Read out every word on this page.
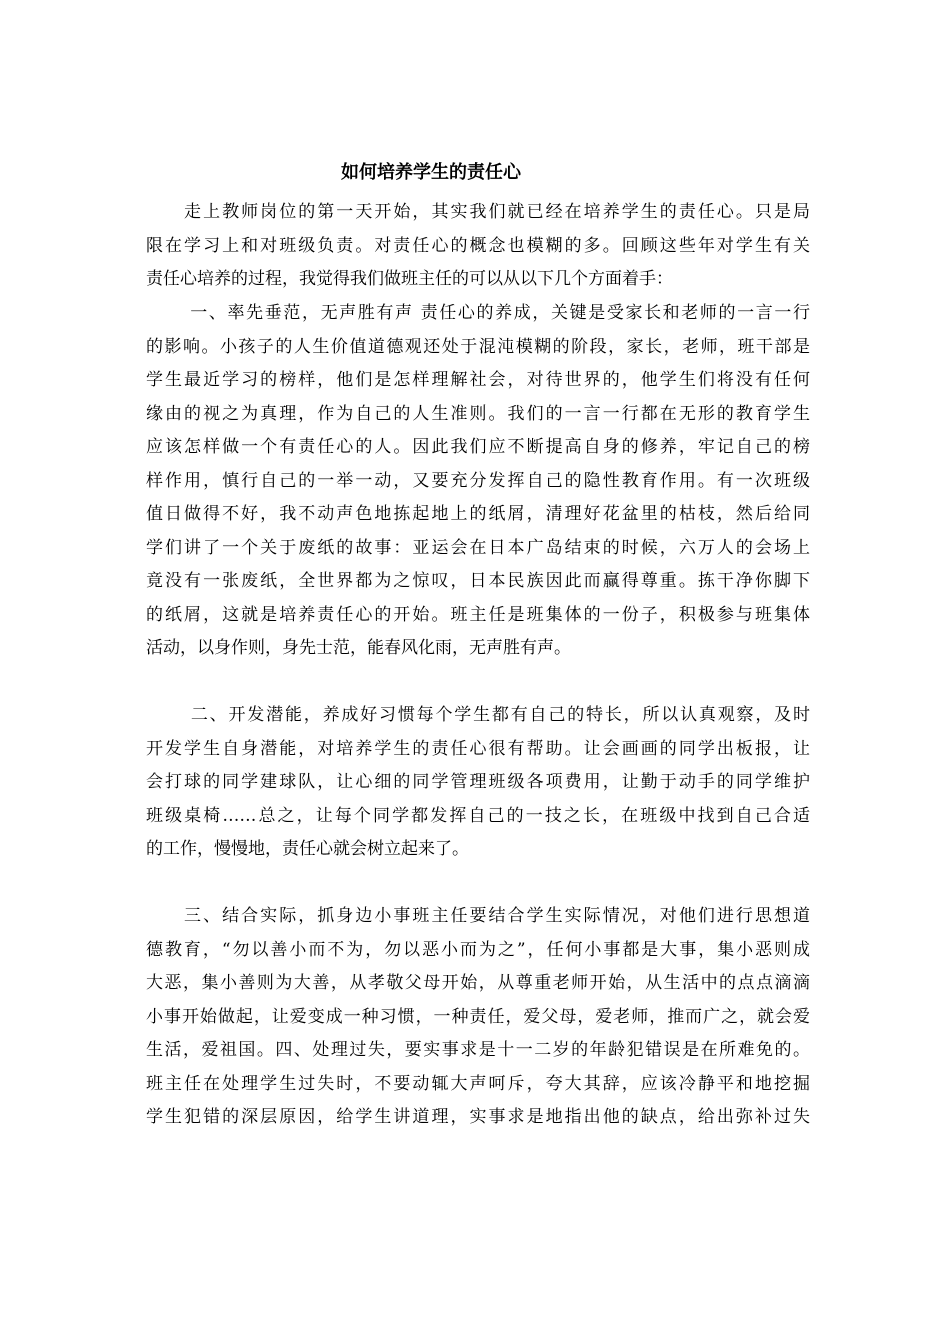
如何培养学生的责任心
　　走上教师岗位的第一天开始，其实我们就已经在培养学生的责任心。只是局
限在学习上和对班级负责。对责任心的概念也模糊的多。回顾这些年对学生有关
责任心培养的过程，我觉得我们做班主任的可以从以下几个方面着手：
　　 一、率先垂范，无声胜有声 责任心的养成，关键是受家长和老师的一言一行
的影响。小孩子的人生价值道德观还处于混沌模糊的阶段，家长，老师，班干部是
学生最近学习的榜样，他们是怎样理解社会，对待世界的，他学生们将没有任何
缘由的视之为真理，作为自己的人生准则。我们的一言一行都在无形的教育学生
应该怎样做一个有责任心的人。因此我们应不断提高自身的修养，牢记自己的榜
样作用，慎行自己的一举一动，又要充分发挥自己的隐性教育作用。有一次班级
值日做得不好，我不动声色地拣起地上的纸屑，清理好花盆里的枯枝，然后给同
学们讲了一个关于废纸的故事：亚运会在日本广岛结束的时候，六万人的会场上
竟没有一张废纸，全世界都为之惊叹，日本民族因此而赢得尊重。拣干净你脚下
的纸屑，这就是培养责任心的开始。班主任是班集体的一份子，积极参与班集体
活动，以身作则，身先士范，能春风化雨，无声胜有声。
　　 二、开发潜能，养成好习惯每个学生都有自己的特长，所以认真观察，及时
开发学生自身潜能，对培养学生的责任心很有帮助。让会画画的同学出板报，让
会打球的同学建球队，让心细的同学管理班级各项费用，让勤于动手的同学维护
班级桌椅……总之，让每个同学都发挥自己的一技之长，在班级中找到自己合适
的工作，慢慢地，责任心就会树立起来了。
　　三、结合实际，抓身边小事班主任要结合学生实际情况，对他们进行思想道
德教育，“勿以善小而不为，勿以恶小而为之”，任何小事都是大事，集小恶则成
大恶，集小善则为大善，从孝敬父母开始，从尊重老师开始，从生活中的点点滴滴
小事开始做起，让爱变成一种习惯，一种责任，爱父母，爱老师，推而广之，就会爱
生活，爱祖国。四、处理过失，要实事求是十一二岁的年龄犯错误是在所难免的。
班主任在处理学生过失时，不要动辄大声呵斥，夸大其辞，应该冷静平和地挖掘
学生犯错的深层原因，给学生讲道理，实事求是地指出他的缺点，给出弥补过失
